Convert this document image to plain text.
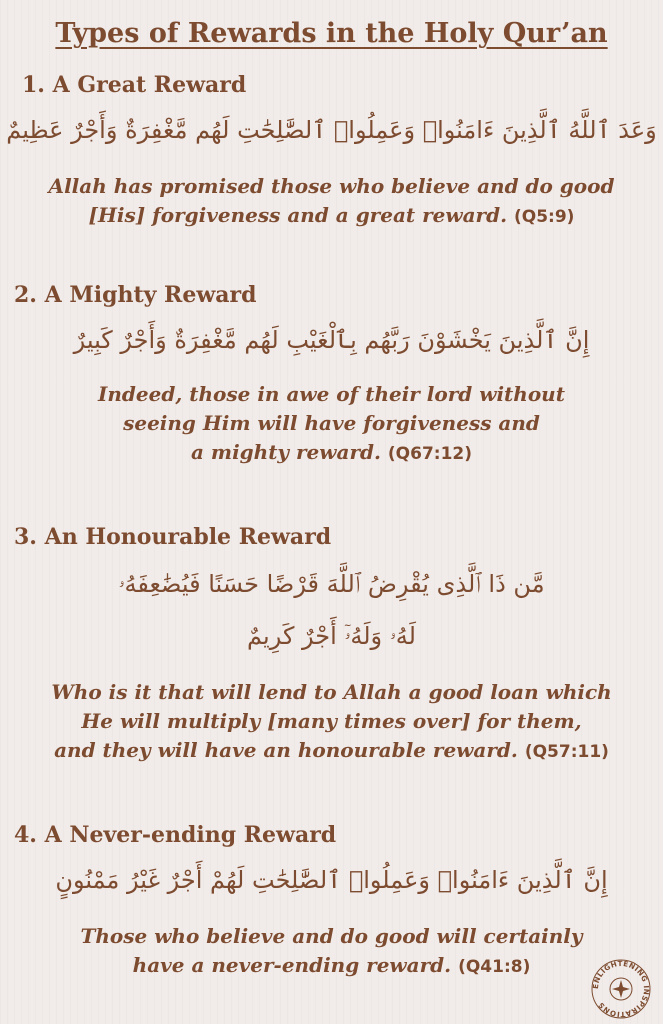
Types of Rewards in the Holy Qur’an
1. A Great Reward
وَعَدَ ٱللَّهُ ٱلَّذِينَ ءَامَنُوا۟ وَعَمِلُوا۟ ٱلصَّٰلِحَٰتِ لَهُم مَّغْفِرَةٌ وَأَجْرٌ عَظِيمٌ
Allah has promised those who believe and do good
[His] forgiveness and a great reward. (Q5:9)
2. A Mighty Reward
إِنَّ ٱلَّذِينَ يَخْشَوْنَ رَبَّهُم بِٱلْغَيْبِ لَهُم مَّغْفِرَةٌ وَأَجْرٌ كَبِيرٌ
Indeed, those in awe of their lord without
seeing Him will have forgiveness and
a mighty reward. (Q67:12)
3. An Honourable Reward
مَّن ذَا ٱلَّذِى يُقْرِضُ ٱللَّهَ قَرْضًا حَسَنًا فَيُضَٰعِفَهُۥ
لَهُۥ وَلَهُۥٓ أَجْرٌ كَرِيمٌ
Who is it that will lend to Allah a good loan which
He will multiply [many times over] for them,
and they will have an honourable reward. (Q57:11)
4. A Never-ending Reward
إِنَّ ٱلَّذِينَ ءَامَنُوا۟ وَعَمِلُوا۟ ٱلصَّٰلِحَٰتِ لَهُمْ أَجْرٌ غَيْرُ مَمْنُونٍ
Those who believe and do good will certainly
have a never-ending reward. (Q41:8)
ENLIGHTENING INSPIRATIONS
